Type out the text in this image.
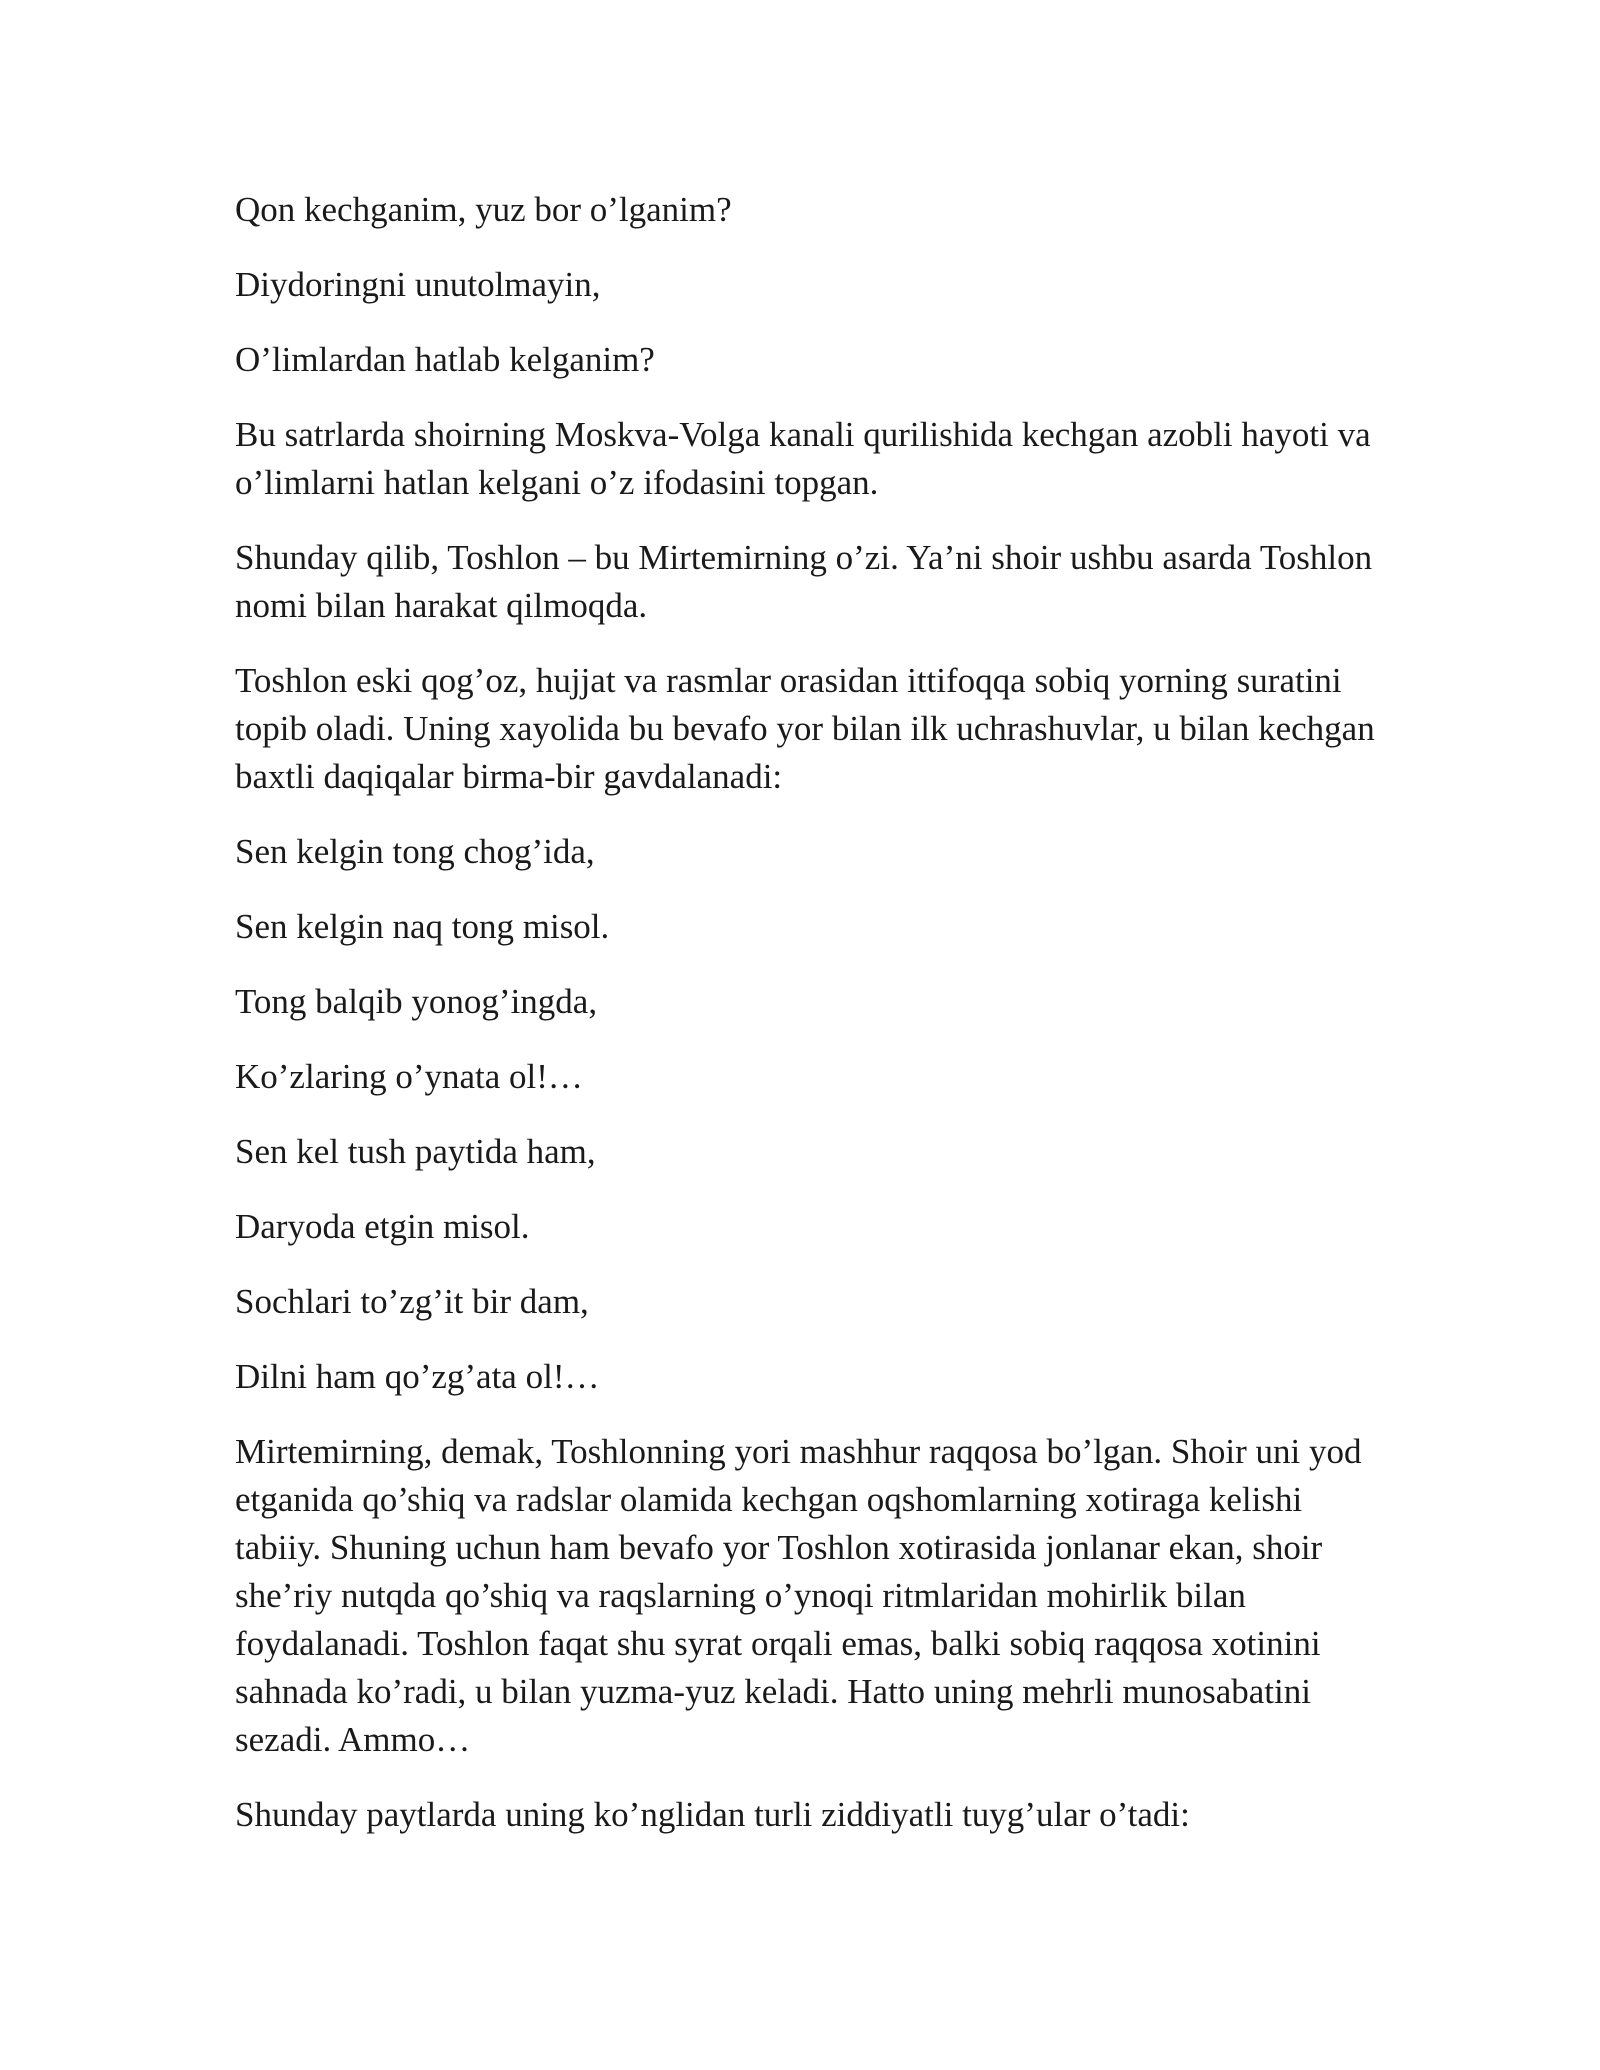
Qon kechganim, yuz bor o’lganim?

Diydoringni unutolmayin,

O’limlardan hatlab kelganim?

Bu satrlarda shoirning Moskva-Volga kanali qurilishida kechgan azobli hayoti va o’limlarni hatlan kelgani o’z ifodasini topgan.

Shunday qilib, Toshlon – bu Mirtemirning o’zi. Ya’ni shoir ushbu asarda Toshlon nomi bilan harakat qilmoqda.

Toshlon eski qog’oz, hujjat va rasmlar orasidan ittifoqqa sobiq yorning suratini topib oladi. Uning xayolida bu bevafo yor bilan ilk uchrashuvlar, u bilan kechgan baxtli daqiqalar birma-bir gavdalanadi:

Sen kelgin tong chog’ida,

Sen kelgin naq tong misol.

Tong balqib yonog’ingda,

Ko’zlaring o’ynata ol!…

Sen kel tush paytida ham,

Daryoda etgin misol.

Sochlari to’zg’it bir dam,

Dilni ham qo’zg’ata ol!…

Mirtemirning, demak, Toshlonning yori mashhur raqqosa bo’lgan. Shoir uni yod etganida qo’shiq va radslar olamida kechgan oqshomlarning xotiraga kelishi tabiiy. Shuning uchun ham bevafo yor Toshlon xotirasida jonlanar ekan, shoir she’riy nutqda qo’shiq va raqslarning o’ynoqi ritmlaridan mohirlik bilan foydalanadi. Toshlon faqat shu syrat orqali emas, balki sobiq raqqosa xotinini sahnada ko’radi, u bilan yuzma-yuz keladi. Hatto uning mehrli munosabatini sezadi. Ammo…

Shunday paytlarda uning ko’nglidan turli ziddiyatli tuyg’ular o’tadi:
